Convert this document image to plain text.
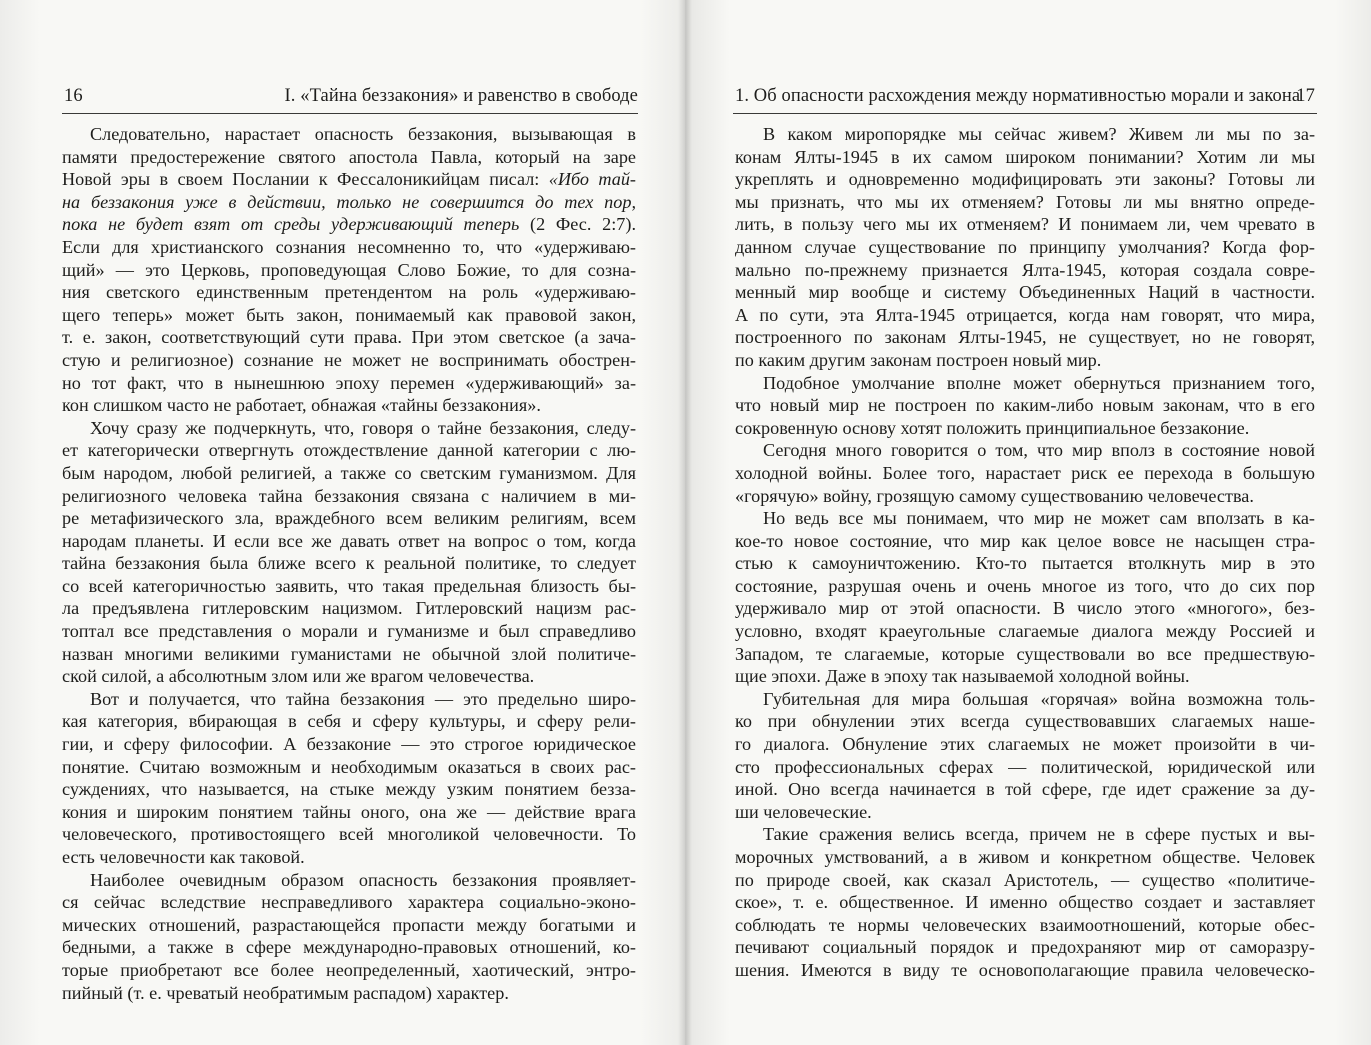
16	I. «Тайна беззакония» и равенство в свободе
Следовательно, нарастает опасность беззакония, вызывающая в
памяти предостережение святого апостола Павла, который на заре
Новой эры в своем Послании к Фессалоникийцам писал: «Ибо тай-
на беззакония уже в действии, только не совершится до тех пор,
пока не будет взят от среды удерживающий теперь (2 Фес. 2:7).
Если для христианского сознания несомненно то, что «удерживаю-
щий» — это Церковь, проповедующая Слово Божие, то для созна-
ния светского единственным претендентом на роль «удерживаю-
щего теперь» может быть закон, понимаемый как правовой закон,
т. е. закон, соответствующий сути права. При этом светское (а зача-
стую и религиозное) сознание не может не воспринимать обострен-
но тот факт, что в нынешнюю эпоху перемен «удерживающий» за-
кон слишком часто не работает, обнажая «тайны беззакония».
Хочу сразу же подчеркнуть, что, говоря о тайне беззакония, следу-
ет категорически отвергнуть отождествление данной категории с лю-
бым народом, любой религией, а также со светским гуманизмом. Для
религиозного человека тайна беззакония связана с наличием в ми-
ре метафизического зла, враждебного всем великим религиям, всем
народам планеты. И если все же давать ответ на вопрос о том, когда
тайна беззакония была ближе всего к реальной политике, то следует
со всей категоричностью заявить, что такая предельная близость бы-
ла предъявлена гитлеровским нацизмом. Гитлеровский нацизм рас-
топтал все представления о морали и гуманизме и был справедливо
назван многими великими гуманистами не обычной злой политиче-
ской силой, а абсолютным злом или же врагом человечества.
Вот и получается, что тайна беззакония — это предельно широ-
кая категория, вбирающая в себя и сферу культуры, и сферу рели-
гии, и сферу философии. А беззаконие — это строгое юридическое
понятие. Считаю возможным и необходимым оказаться в своих рас-
суждениях, что называется, на стыке между узким понятием безза-
кония и широким понятием тайны оного, она же — действие врага
человеческого, противостоящего всей многоликой человечности. То
есть человечности как таковой.
Наиболее очевидным образом опасность беззакония проявляет-
ся сейчас вследствие несправедливого характера социально-эконо-
мических отношений, разрастающейся пропасти между богатыми и
бедными, а также в сфере международно-правовых отношений, ко-
торые приобретают все более неопределенный, хаотический, энтро-
пийный (т. е. чреватый необратимым распадом) характер.
1. Об опасности расхождения между нормативностью морали и закона
17
В каком миропорядке мы сейчас живем? Живем ли мы по за-
конам Ялты-1945 в их самом широком понимании? Хотим ли мы
укреплять и одновременно модифицировать эти законы? Готовы ли
мы признать, что мы их отменяем? Готовы ли мы внятно опреде-
лить, в пользу чего мы их отменяем? И понимаем ли, чем чревато в
данном случае существование по принципу умолчания? Когда фор-
мально по-прежнему признается Ялта-1945, которая создала совре-
менный мир вообще и систему Объединенных Наций в частности.
А по сути, эта Ялта-1945 отрицается, когда нам говорят, что мира,
построенного по законам Ялты-1945, не существует, но не говорят,
по каким другим законам построен новый мир.
Подобное умолчание вполне может обернуться признанием того,
что новый мир не построен по каким-либо новым законам, что в его
сокровенную основу хотят положить принципиальное беззаконие.
Сегодня много говорится о том, что мир вполз в состояние новой
холодной войны. Более того, нарастает риск ее перехода в большую
«горячую» войну, грозящую самому существованию человечества.
Но ведь все мы понимаем, что мир не может сам вползать в ка-
кое-то новое состояние, что мир как целое вовсе не насыщен стра-
стью к самоуничтожению. Кто-то пытается втолкнуть мир в это
состояние, разрушая очень и очень многое из того, что до сих пор
удерживало мир от этой опасности. В число этого «многого», без-
условно, входят краеугольные слагаемые диалога между Россией и
Западом, те слагаемые, которые существовали во все предшествую-
щие эпохи. Даже в эпоху так называемой холодной войны.
Губительная для мира большая «горячая» война возможна толь-
ко при обнулении этих всегда существовавших слагаемых наше-
го диалога. Обнуление этих слагаемых не может произойти в чи-
сто профессиональных сферах — политической, юридической или
иной. Оно всегда начинается в той сфере, где идет сражение за ду-
ши человеческие.
Такие сражения велись всегда, причем не в сфере пустых и вы-
морочных умствований, а в живом и конкретном обществе. Человек
по природе своей, как сказал Аристотель, — существо «политиче-
ское», т. е. общественное. И именно общество создает и заставляет
соблюдать те нормы человеческих взаимоотношений, которые обес-
печивают социальный порядок и предохраняют мир от саморазру-
шения. Имеются в виду те основополагающие правила человеческо-
